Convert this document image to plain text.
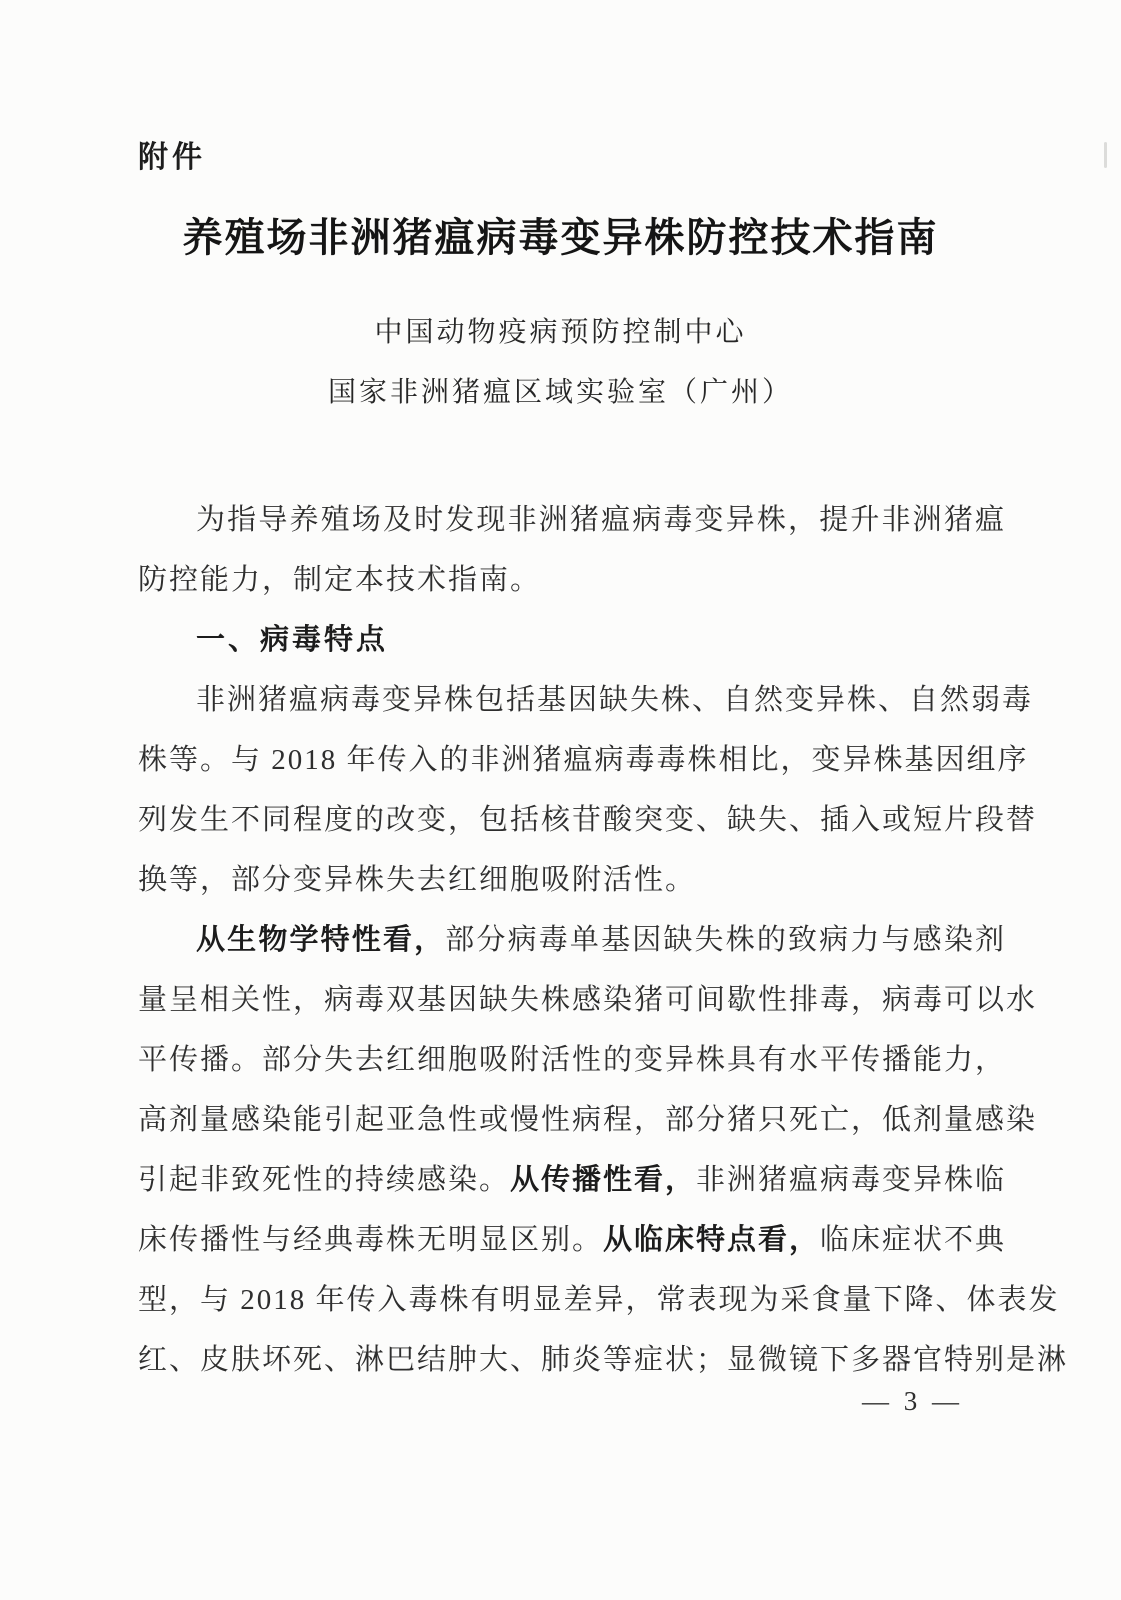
附件
养殖场非洲猪瘟病毒变异株防控技术指南
中国动物疫病预防控制中心
国家非洲猪瘟区域实验室（广州）
为指导养殖场及时发现非洲猪瘟病毒变异株，提升非洲猪瘟
防控能力，制定本技术指南。
一、病毒特点
非洲猪瘟病毒变异株包括基因缺失株、自然变异株、自然弱毒
株等。与 2018 年传入的非洲猪瘟病毒毒株相比，变异株基因组序
列发生不同程度的改变，包括核苷酸突变、缺失、插入或短片段替
换等，部分变异株失去红细胞吸附活性。
从生物学特性看，部分病毒单基因缺失株的致病力与感染剂
量呈相关性，病毒双基因缺失株感染猪可间歇性排毒，病毒可以水
平传播。部分失去红细胞吸附活性的变异株具有水平传播能力，
高剂量感染能引起亚急性或慢性病程，部分猪只死亡，低剂量感染
引起非致死性的持续感染。从传播性看，非洲猪瘟病毒变异株临
床传播性与经典毒株无明显区别。从临床特点看，临床症状不典
型，与 2018 年传入毒株有明显差异，常表现为采食量下降、体表发
红、皮肤坏死、淋巴结肿大、肺炎等症状；显微镜下多器官特别是淋
— 3 —
